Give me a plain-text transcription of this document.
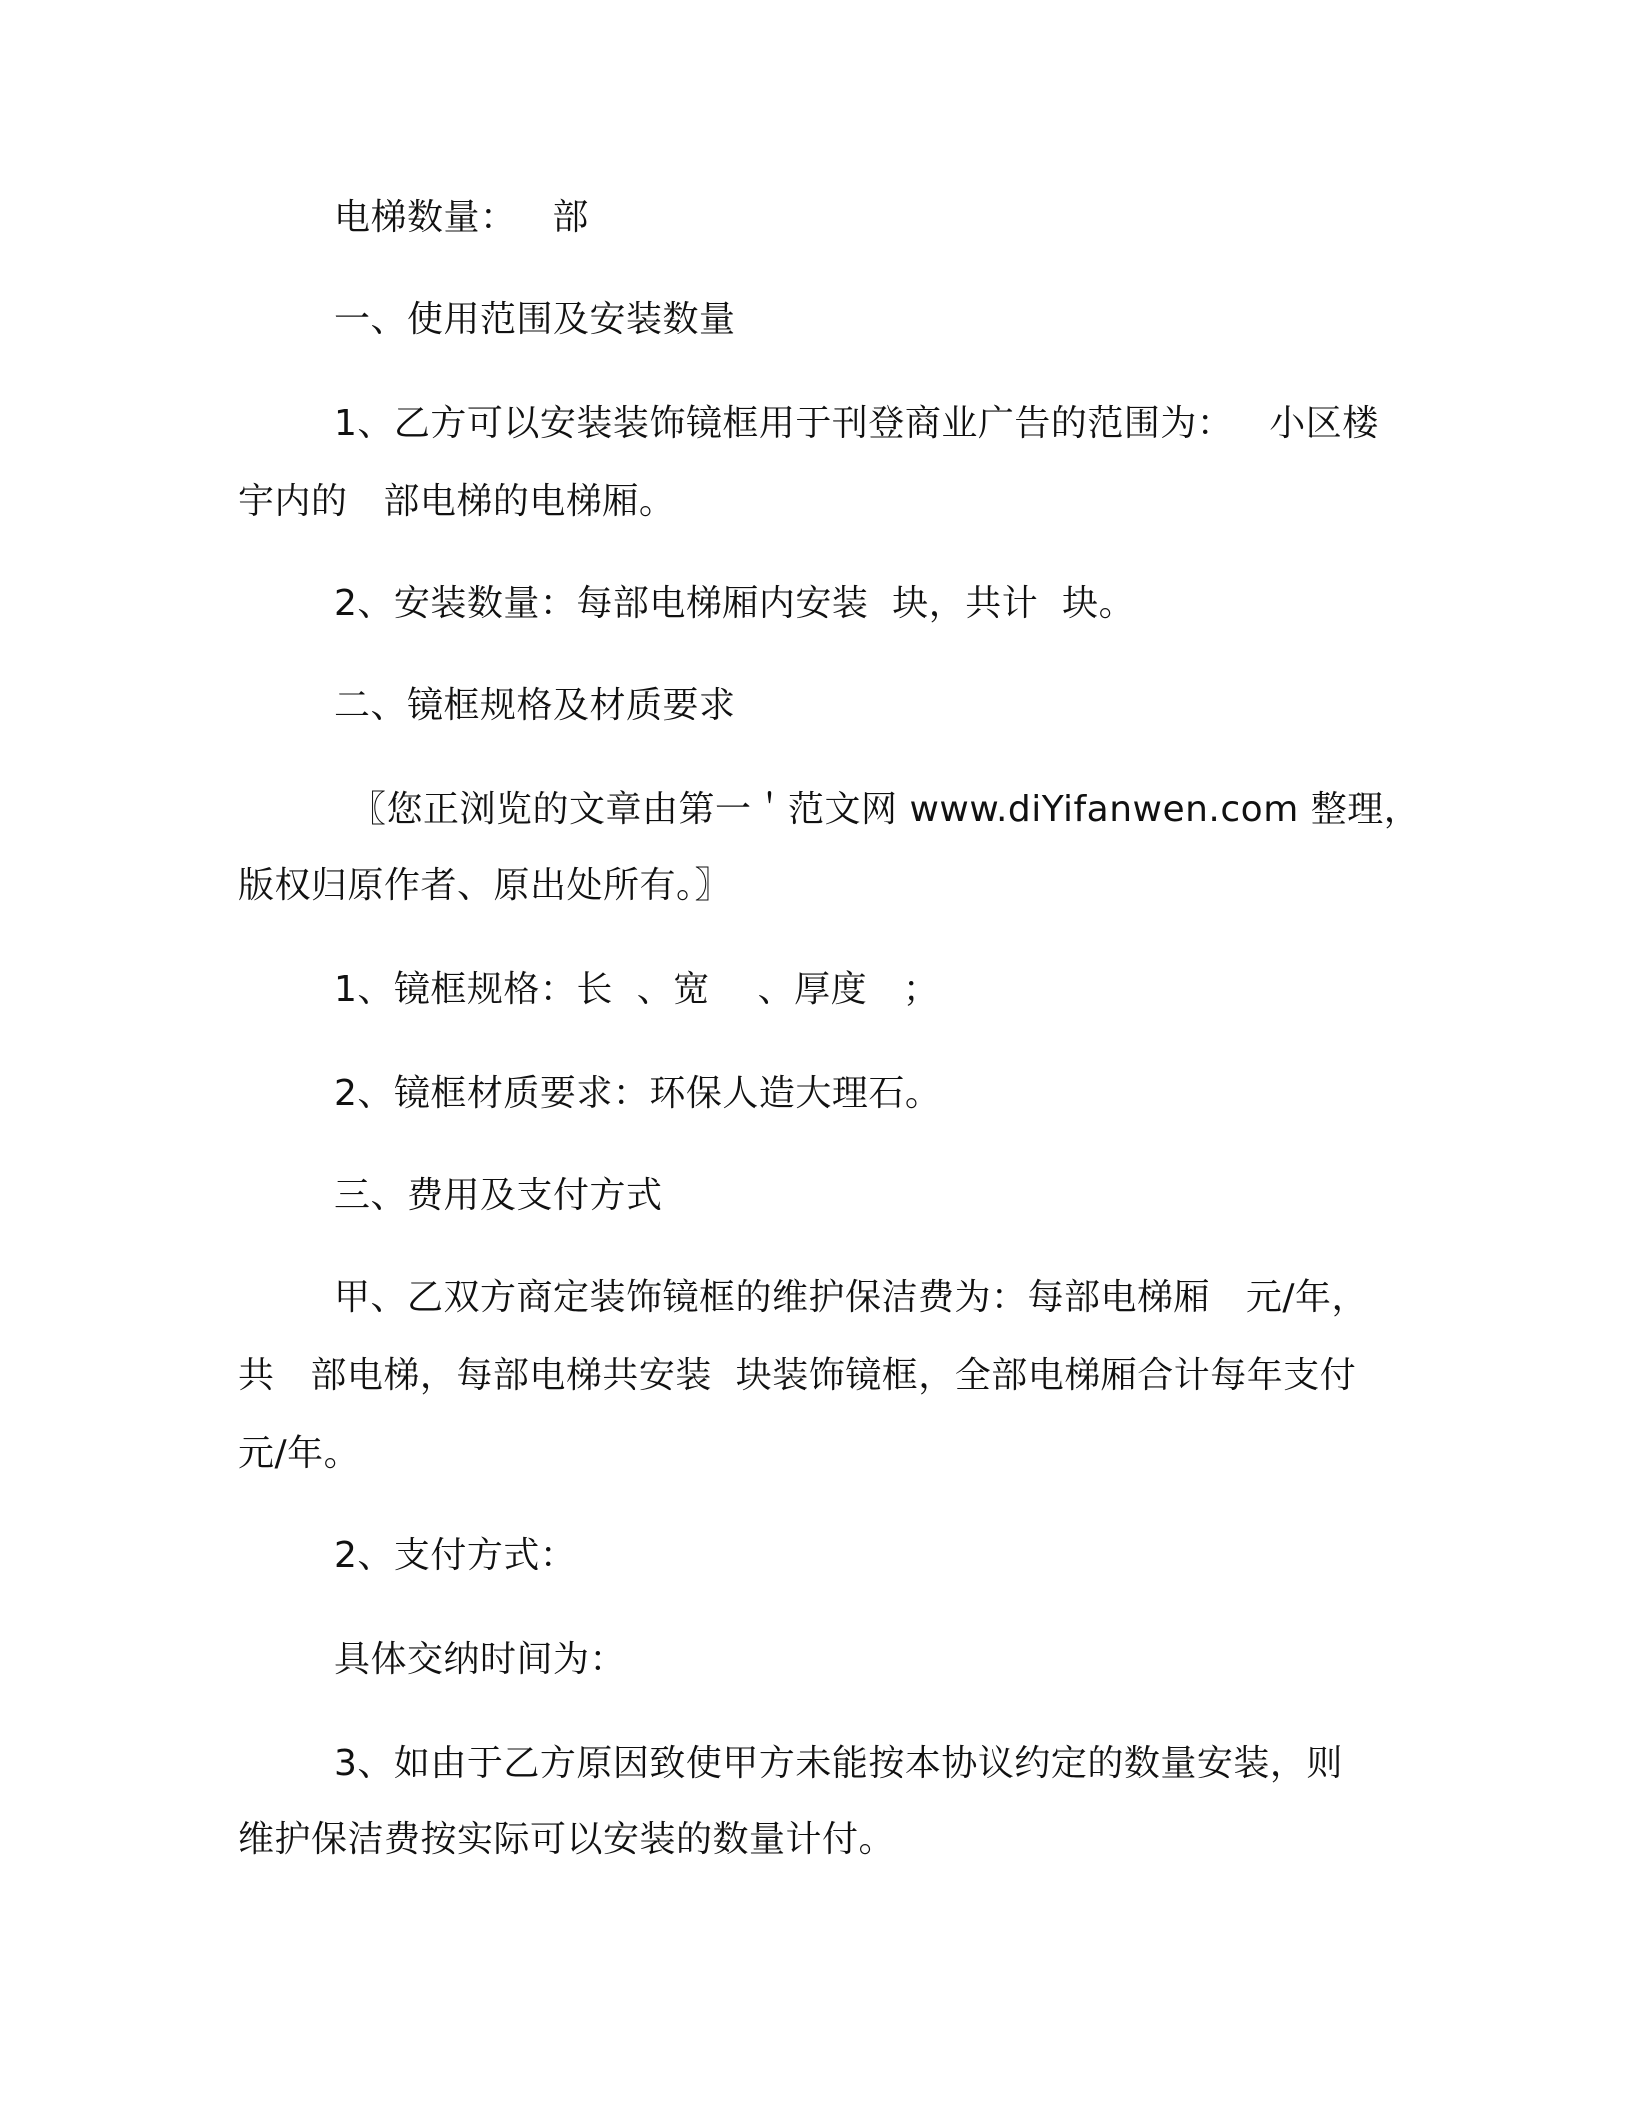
电梯数量：   部
一、使用范围及安装数量
1、乙方可以安装装饰镜框用于刊登商业广告的范围为：   小区楼
宇内的   部电梯的电梯厢。
2、安装数量：每部电梯厢内安装  块，共计  块。
二、镜框规格及材质要求
〖您正浏览的文章由第一＇范文网 www.diYifanwen.com 整理，
版权归原作者、原出处所有。〗
1、镜框规格：长  、宽    、厚度   ；
2、镜框材质要求：环保人造大理石。
三、费用及支付方式
甲、乙双方商定装饰镜框的维护保洁费为：每部电梯厢   元/年，
共   部电梯，每部电梯共安装  块装饰镜框，全部电梯厢合计每年支付
元/年。
2、支付方式：
具体交纳时间为：
3、如由于乙方原因致使甲方未能按本协议约定的数量安装，则
维护保洁费按实际可以安装的数量计付。
